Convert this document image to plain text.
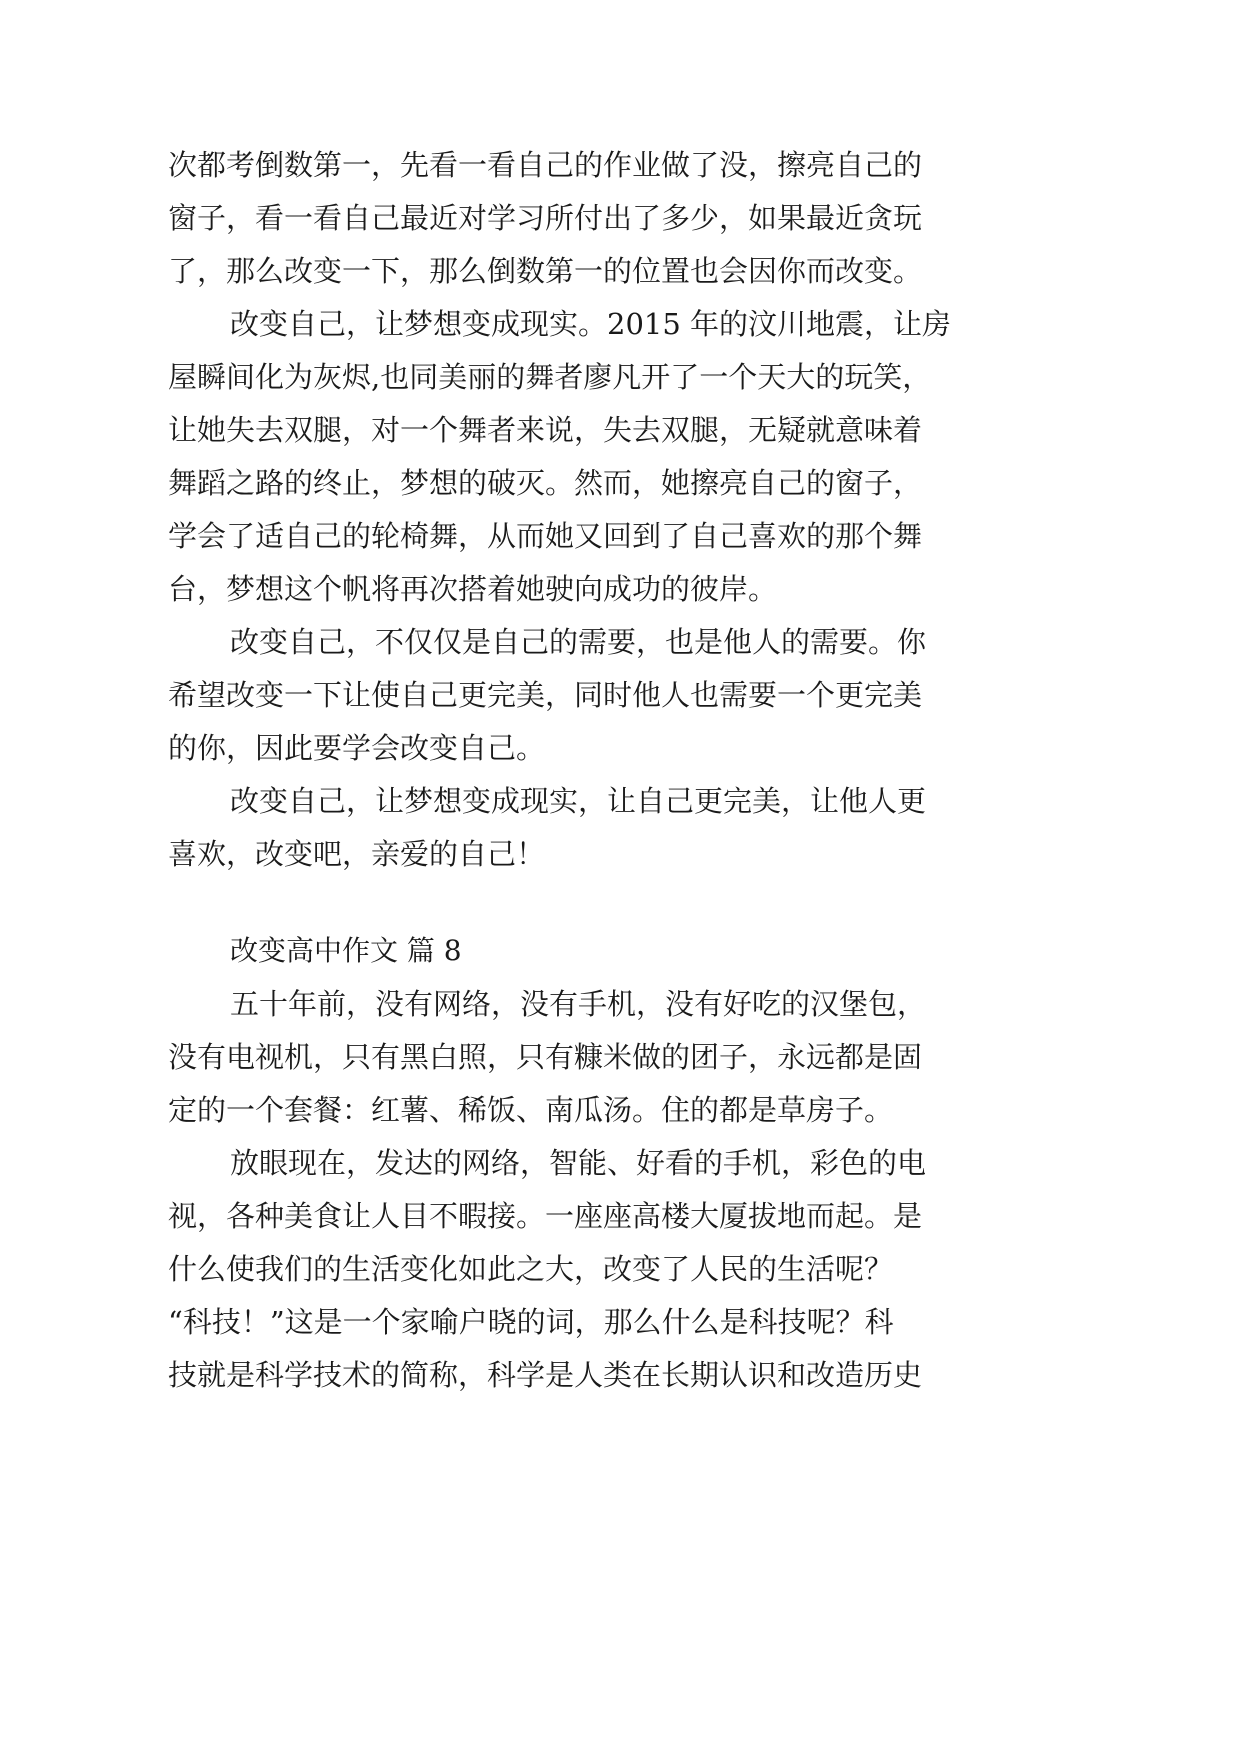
次都考倒数第一，先看一看自己的作业做了没，擦亮自己的
窗子，看一看自己最近对学习所付出了多少，如果最近贪玩
了，那么改变一下，那么倒数第一的位置也会因你而改变。
改变自己，让梦想变成现实。2015 年的汶川地震，让房
屋瞬间化为灰烬,也同美丽的舞者廖凡开了一个天大的玩笑，
让她失去双腿，对一个舞者来说，失去双腿，无疑就意味着
舞蹈之路的终止，梦想的破灭。然而，她擦亮自己的窗子，
学会了适自己的轮椅舞，从而她又回到了自己喜欢的那个舞
台，梦想这个帆将再次搭着她驶向成功的彼岸。
改变自己，不仅仅是自己的需要，也是他人的需要。你
希望改变一下让使自己更完美，同时他人也需要一个更完美
的你，因此要学会改变自己。
改变自己，让梦想变成现实，让自己更完美，让他人更
喜欢，改变吧，亲爱的自己！
改变高中作文 篇 8
五十年前，没有网络，没有手机，没有好吃的汉堡包，
没有电视机，只有黑白照，只有糠米做的团子，永远都是固
定的一个套餐：红薯、稀饭、南瓜汤。住的都是草房子。
放眼现在，发达的网络，智能、好看的手机，彩色的电
视，各种美食让人目不暇接。一座座高楼大厦拔地而起。是
什么使我们的生活变化如此之大，改变了人民的生活呢？
“科技！”这是一个家喻户晓的词，那么什么是科技呢？科
技就是科学技术的简称，科学是人类在长期认识和改造历史
